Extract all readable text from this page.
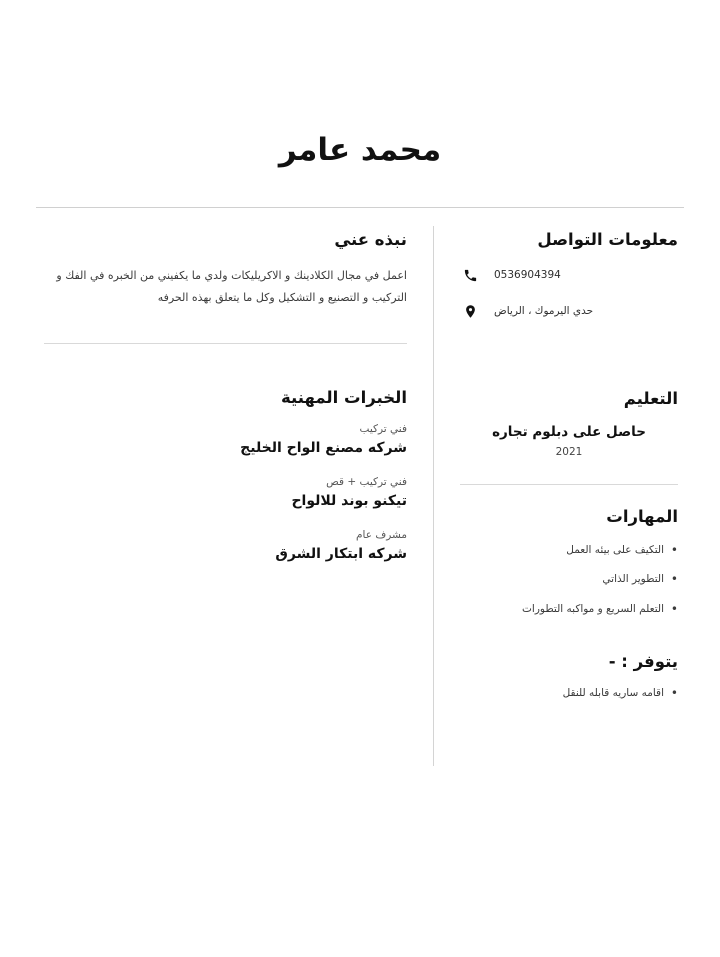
محمد عامر
معلومات التواصل
0536904394
حدي اليرموك ، الرياض
التعليم
حاصل على دبلوم تجاره
2021
المهارات
• التكيف على بيئه العمل
• التطوير الذاتي
• التعلم السريع و مواكبه التطورات
يتوفر : -
• اقامه ساريه قابله للنقل
نبذه عني
اعمل في مجال الكلادينك و الاكريليكات ولدي ما يكفيني من الخبره في الفك و التركيب و التصنيع و التشكيل وكل ما يتعلق بهذه الحرفه
الخبرات المهنية
فني تركيب
شركه مصنع الواح الخليج
فني تركيب + قص
تيكنو بوند للالواح
مشرف عام
شركه ابتكار الشرق
